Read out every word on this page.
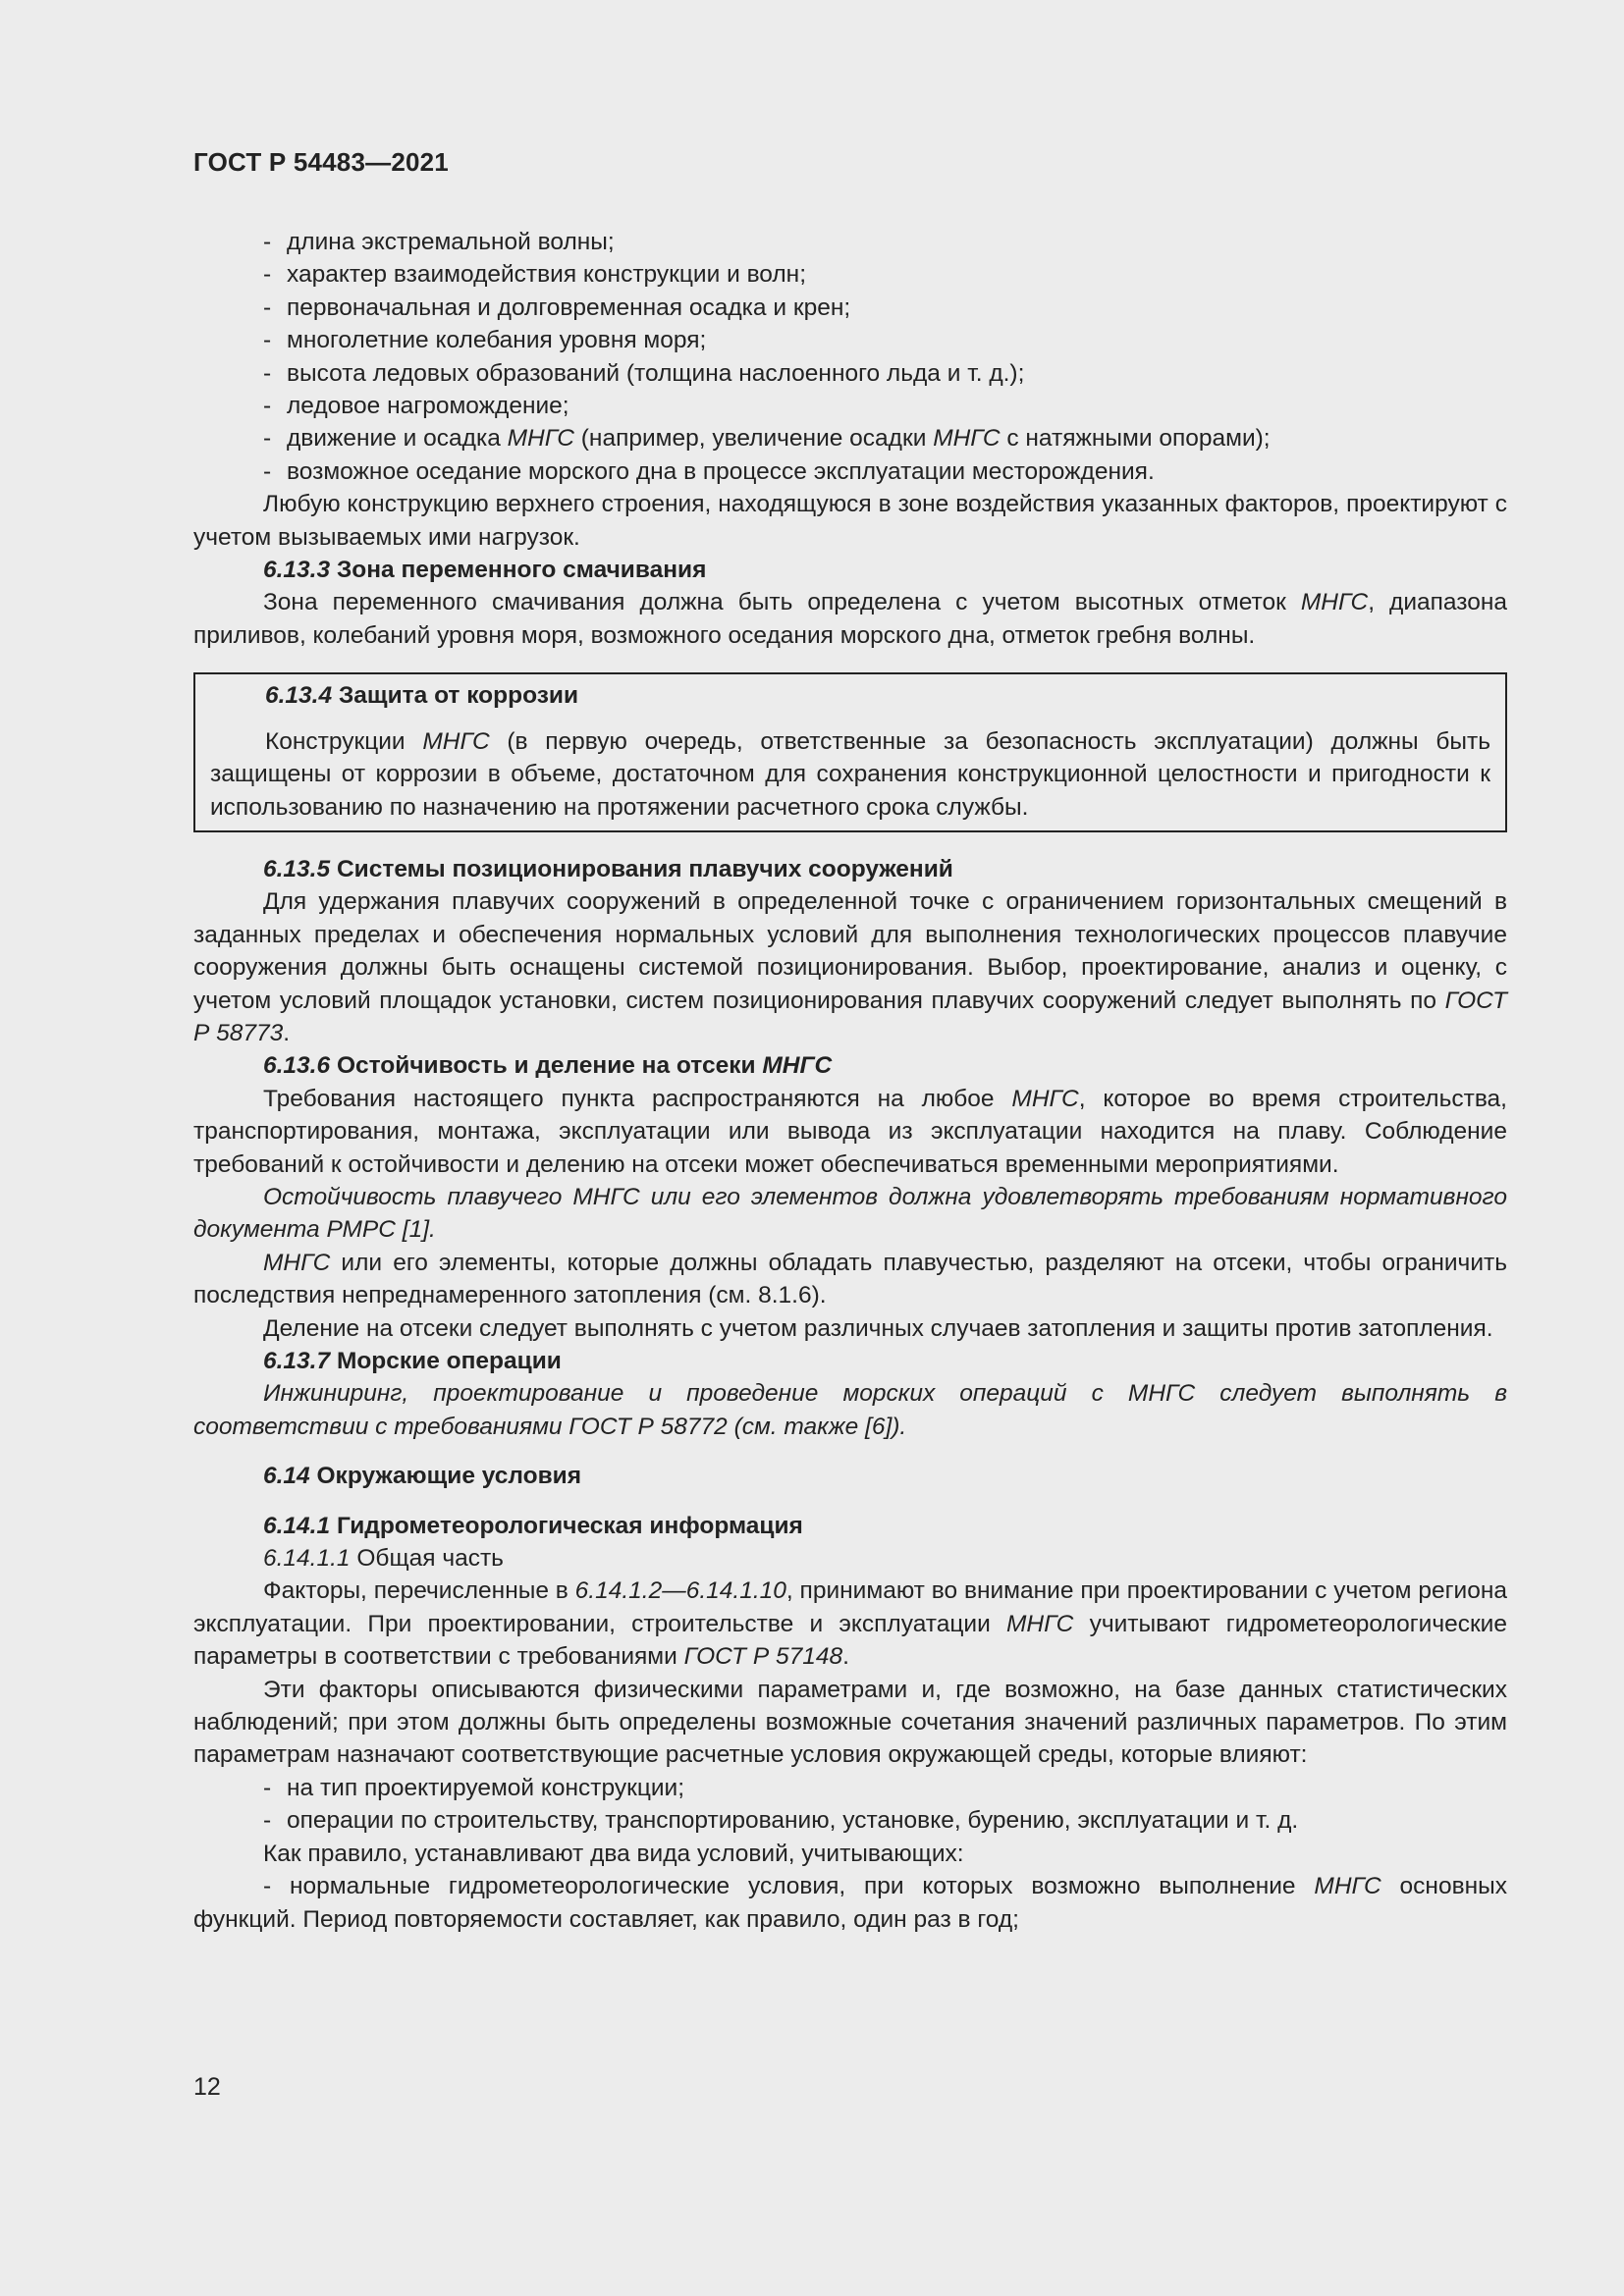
ГОСТ Р 54483—2021

- длина экстремальной волны;

- характер взаимодействия конструкции и волн;

- первоначальная и долговременная осадка и крен;

- многолетние колебания уровня моря;

- высота ледовых образований (толщина наслоенного льда и т. д.);

- ледовое нагромождение;

- движение и осадка МНГС (например, увеличение осадки МНГС с натяжными опорами);

- возможное оседание морского дна в процессе эксплуатации месторождения.

Любую конструкцию верхнего строения, находящуюся в зоне воздействия указанных факторов, проектируют с учетом вызываемых ими нагрузок.

6.13.3 Зона переменного смачивания

Зона переменного смачивания должна быть определена с учетом высотных отметок МНГС, диапазона приливов, колебаний уровня моря, возможного оседания морского дна, отметок гребня волны.

6.13.4 Защита от коррозии

Конструкции МНГС (в первую очередь, ответственные за безопасность эксплуатации) должны быть защищены от коррозии в объеме, достаточном для сохранения конструкционной целостности и пригодности к использованию по назначению на протяжении расчетного срока службы.

6.13.5 Системы позиционирования плавучих сооружений

Для удержания плавучих сооружений в определенной точке с ограничением горизонтальных смещений в заданных пределах и обеспечения нормальных условий для выполнения технологических процессов плавучие сооружения должны быть оснащены системой позиционирования. Выбор, проектирование, анализ и оценку, с учетом условий площадок установки, систем позиционирования плавучих сооружений следует выполнять по ГОСТ Р 58773.

6.13.6 Остойчивость и деление на отсеки МНГС

Требования настоящего пункта распространяются на любое МНГС, которое во время строительства, транспортирования, монтажа, эксплуатации или вывода из эксплуатации находится на плаву. Соблюдение требований к остойчивости и делению на отсеки может обеспечиваться временными мероприятиями.

Остойчивость плавучего МНГС или его элементов должна удовлетворять требованиям нормативного документа РМРС [1].

МНГС или его элементы, которые должны обладать плавучестью, разделяют на отсеки, чтобы ограничить последствия непреднамеренного затопления (см. 8.1.6).

Деление на отсеки следует выполнять с учетом различных случаев затопления и защиты против затопления.

6.13.7 Морские операции

Инжиниринг, проектирование и проведение морских операций с МНГС следует выполнять в соответствии с требованиями ГОСТ Р 58772 (см. также [6]).

6.14 Окружающие условия

6.14.1 Гидрометеорологическая информация

6.14.1.1 Общая часть

Факторы, перечисленные в 6.14.1.2—6.14.1.10, принимают во внимание при проектировании с учетом региона эксплуатации. При проектировании, строительстве и эксплуатации МНГС учитывают гидрометеорологические параметры в соответствии с требованиями ГОСТ Р 57148.

Эти факторы описываются физическими параметрами и, где возможно, на базе данных статистических наблюдений; при этом должны быть определены возможные сочетания значений различных параметров. По этим параметрам назначают соответствующие расчетные условия окружающей среды, которые влияют:

- на тип проектируемой конструкции;

- операции по строительству, транспортированию, установке, бурению, эксплуатации и т. д.

Как правило, устанавливают два вида условий, учитывающих:

- нормальные гидрометеорологические условия, при которых возможно выполнение МНГС основных функций. Период повторяемости составляет, как правило, один раз в год;

12
